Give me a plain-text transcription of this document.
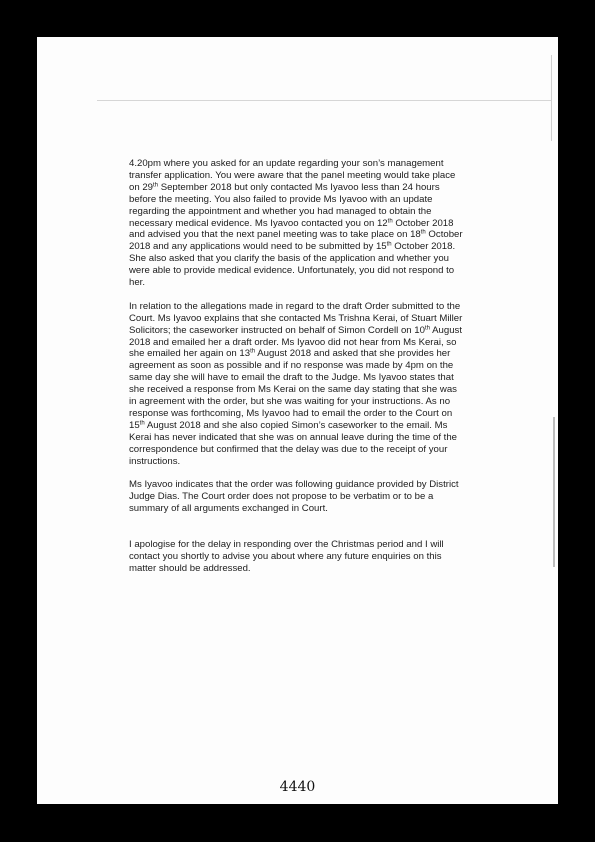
4.20pm where you asked for an update regarding your son’s management
transfer application. You were aware that the panel meeting would take place
on 29th September 2018 but only contacted Ms Iyavoo less than 24 hours
before the meeting. You also failed to provide Ms Iyavoo with an update
regarding the appointment and whether you had managed to obtain the
necessary medical evidence. Ms Iyavoo contacted you on 12th October 2018
and advised you that the next panel meeting was to take place on 18th October
2018 and any applications would need to be submitted by 15th October 2018.
She also asked that you clarify the basis of the application and whether you
were able to provide medical evidence. Unfortunately, you did not respond to
her.
In relation to the allegations made in regard to the draft Order submitted to the
Court. Ms Iyavoo explains that she contacted Ms Trishna Kerai, of Stuart Miller
Solicitors; the caseworker instructed on behalf of Simon Cordell on 10th August
2018 and emailed her a draft order. Ms Iyavoo did not hear from Ms Kerai, so
she emailed her again on 13th August 2018 and asked that she provides her
agreement as soon as possible and if no response was made by 4pm on the
same day she will have to email the draft to the Judge. Ms Iyavoo states that
she received a response from Ms Kerai on the same day stating that she was
in agreement with the order, but she was waiting for your instructions. As no
response was forthcoming, Ms Iyavoo had to email the order to the Court on
15th August 2018 and she also copied Simon’s caseworker to the email. Ms
Kerai has never indicated that she was on annual leave during the time of the
correspondence but confirmed that the delay was due to the receipt of your
instructions.
Ms Iyavoo indicates that the order was following guidance provided by District
Judge Dias. The Court order does not propose to be verbatim or to be a
summary of all arguments exchanged in Court.
I apologise for the delay in responding over the Christmas period and I will
contact you shortly to advise you about where any future enquiries on this
matter should be addressed.
4440
